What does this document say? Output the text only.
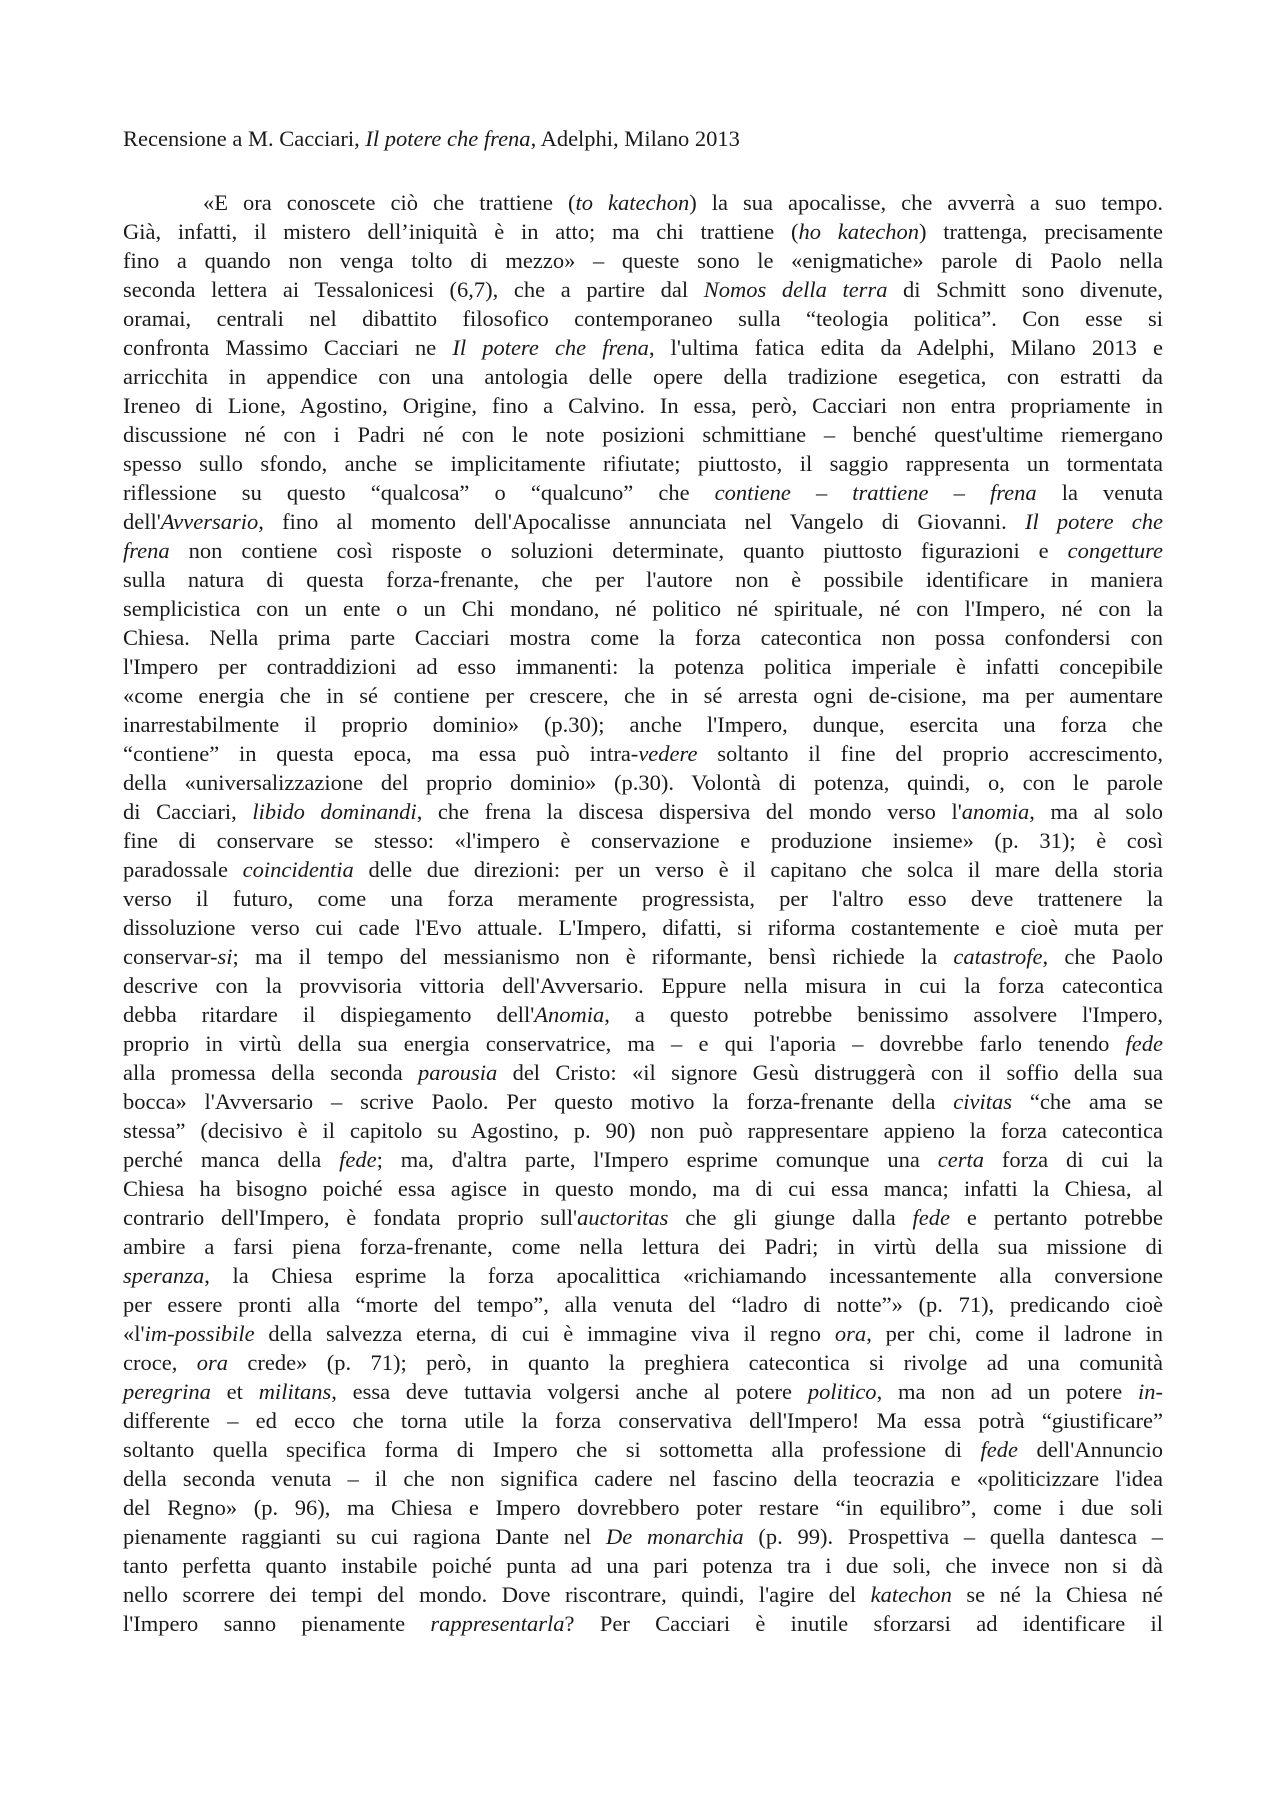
Recensione a M. Cacciari, Il potere che frena, Adelphi, Milano 2013
«E ora conoscete ciò che trattiene (to katechon) la sua apocalisse, che avverrà a suo tempo.
Già, infatti, il mistero dell’iniquità è in atto; ma chi trattiene (ho katechon) trattenga, precisamente
fino a quando non venga tolto di mezzo» – queste sono le «enigmatiche» parole di Paolo nella
seconda lettera ai Tessalonicesi (6,7), che a partire dal Nomos della terra di Schmitt sono divenute,
oramai, centrali nel dibattito filosofico contemporaneo sulla “teologia politica”. Con esse si
confronta Massimo Cacciari ne Il potere che frena, l'ultima fatica edita da Adelphi, Milano 2013 e
arricchita in appendice con una antologia delle opere della tradizione esegetica, con estratti da
Ireneo di Lione, Agostino, Origine, fino a Calvino. In essa, però, Cacciari non entra propriamente in
discussione né con i Padri né con le note posizioni schmittiane – benché quest'ultime riemergano
spesso sullo sfondo, anche se implicitamente rifiutate; piuttosto, il saggio rappresenta un tormentata
riflessione su questo “qualcosa” o “qualcuno” che contiene – trattiene – frena la venuta
dell'Avversario, fino al momento dell'Apocalisse annunciata nel Vangelo di Giovanni. Il potere che
frena non contiene così risposte o soluzioni determinate, quanto piuttosto figurazioni e congetture
sulla natura di questa forza-frenante, che per l'autore non è possibile identificare in maniera
semplicistica con un ente o un Chi mondano, né politico né spirituale, né con l'Impero, né con la
Chiesa. Nella prima parte Cacciari mostra come la forza catecontica non possa confondersi con
l'Impero per contraddizioni ad esso immanenti: la potenza politica imperiale è infatti concepibile
«come energia che in sé contiene per crescere, che in sé arresta ogni de-cisione, ma per aumentare
inarrestabilmente il proprio dominio» (p.30); anche l'Impero, dunque, esercita una forza che
“contiene” in questa epoca, ma essa può intra-vedere soltanto il fine del proprio accrescimento,
della «universalizzazione del proprio dominio» (p.30). Volontà di potenza, quindi, o, con le parole
di Cacciari, libido dominandi, che frena la discesa dispersiva del mondo verso l'anomia, ma al solo
fine di conservare se stesso: «l'impero è conservazione e produzione insieme» (p. 31); è così
paradossale coincidentia delle due direzioni: per un verso è il capitano che solca il mare della storia
verso il futuro, come una forza meramente progressista, per l'altro esso deve trattenere la
dissoluzione verso cui cade l'Evo attuale. L'Impero, difatti, si riforma costantemente e cioè muta per
conservar-si; ma il tempo del messianismo non è riformante, bensì richiede la catastrofe, che Paolo
descrive con la provvisoria vittoria dell'Avversario. Eppure nella misura in cui la forza catecontica
debba ritardare il dispiegamento dell'Anomia, a questo potrebbe benissimo assolvere l'Impero,
proprio in virtù della sua energia conservatrice, ma – e qui l'aporia – dovrebbe farlo tenendo fede
alla promessa della seconda parousia del Cristo: «il signore Gesù distruggerà con il soffio della sua
bocca» l'Avversario – scrive Paolo. Per questo motivo la forza-frenante della civitas “che ama se
stessa” (decisivo è il capitolo su Agostino, p. 90) non può rappresentare appieno la forza catecontica
perché manca della fede; ma, d'altra parte, l'Impero esprime comunque una certa forza di cui la
Chiesa ha bisogno poiché essa agisce in questo mondo, ma di cui essa manca; infatti la Chiesa, al
contrario dell'Impero, è fondata proprio sull'auctoritas che gli giunge dalla fede e pertanto potrebbe
ambire a farsi piena forza-frenante, come nella lettura dei Padri; in virtù della sua missione di
speranza, la Chiesa esprime la forza apocalittica «richiamando incessantemente alla conversione
per essere pronti alla “morte del tempo”, alla venuta del “ladro di notte”» (p. 71), predicando cioè
«l'im-possibile della salvezza eterna, di cui è immagine viva il regno ora, per chi, come il ladrone in
croce, ora crede» (p. 71); però, in quanto la preghiera catecontica si rivolge ad una comunità
peregrina et militans, essa deve tuttavia volgersi anche al potere politico, ma non ad un potere in-
differente – ed ecco che torna utile la forza conservativa dell'Impero! Ma essa potrà “giustificare”
soltanto quella specifica forma di Impero che si sottometta alla professione di fede dell'Annuncio
della seconda venuta – il che non significa cadere nel fascino della teocrazia e «politicizzare l'idea
del Regno» (p. 96), ma Chiesa e Impero dovrebbero poter restare “in equilibro”, come i due soli
pienamente raggianti su cui ragiona Dante nel De monarchia (p. 99). Prospettiva – quella dantesca –
tanto perfetta quanto instabile poiché punta ad una pari potenza tra i due soli, che invece non si dà
nello scorrere dei tempi del mondo. Dove riscontrare, quindi, l'agire del katechon se né la Chiesa né
l'Impero sanno pienamente rappresentarla? Per Cacciari è inutile sforzarsi ad identificare il
